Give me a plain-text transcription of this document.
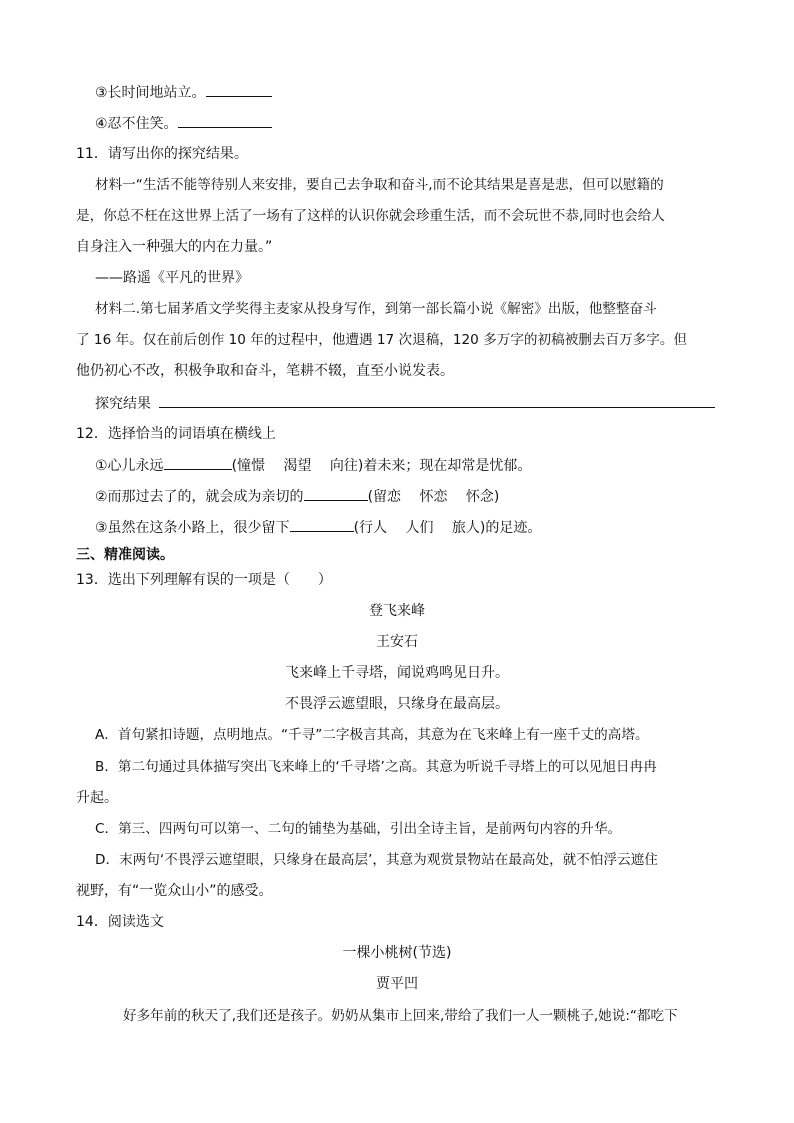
③长时间地站立。
④忍不住笑。
11．请写出你的探究结果。
材料一“生活不能等待别人来安排，要自己去争取和奋斗,而不论其结果是喜是悲，但可以慰籍的
是，你总不枉在这世界上活了一场有了这样的认识你就会珍重生活，而不会玩世不恭,同时也会给人
自身注入一种强大的内在力量。”
——路遥《平凡的世界》
材料二.第七届茅盾文学奖得主麦家从投身写作，到第一部长篇小说《解密》出版，他整整奋斗
了 16 年。仅在前后创作 10 年的过程中，他遭遇 17 次退稿，120 多万字的初稿被删去百万多字。但
他仍初心不改，积极争取和奋斗，笔耕不辍，直至小说发表。
探究结果
12．选择恰当的词语填在横线上
①心儿永远	(憧憬　 渴望　 向往)着未来；现在却常是忧郁。
②而那过去了的，就会成为亲切的	(留恋　 怀恋　 怀念)
③虽然在这条小路上，很少留下	(行人　 人们　 旅人)的足迹。
三、精准阅读。
13．选出下列理解有误的一项是（　　）
登飞来峰
王安石
飞来峰上千寻塔，闻说鸡鸣见日升。
不畏浮云遮望眼，只缘身在最高层。
A．首句紧扣诗题，点明地点。“千寻”二字极言其高，其意为在飞来峰上有一座千丈的高塔。
B．第二句通过具体描写突出飞来峰上的‘千寻塔’之高。其意为听说千寻塔上的可以见旭日冉冉
升起。
C．第三、四两句可以第一、二句的铺垫为基础，引出全诗主旨，是前两句内容的升华。
D．末两句‘不畏浮云遮望眼，只缘身在最高层’，其意为观赏景物站在最高处，就不怕浮云遮住
视野，有“一览众山小”的感受。
14．阅读选文
一棵小桃树(节选)
贾平凹
好多年前的秋天了,我们还是孩子。奶奶从集市上回来,带给了我们一人一颗桃子,她说:“都吃下
